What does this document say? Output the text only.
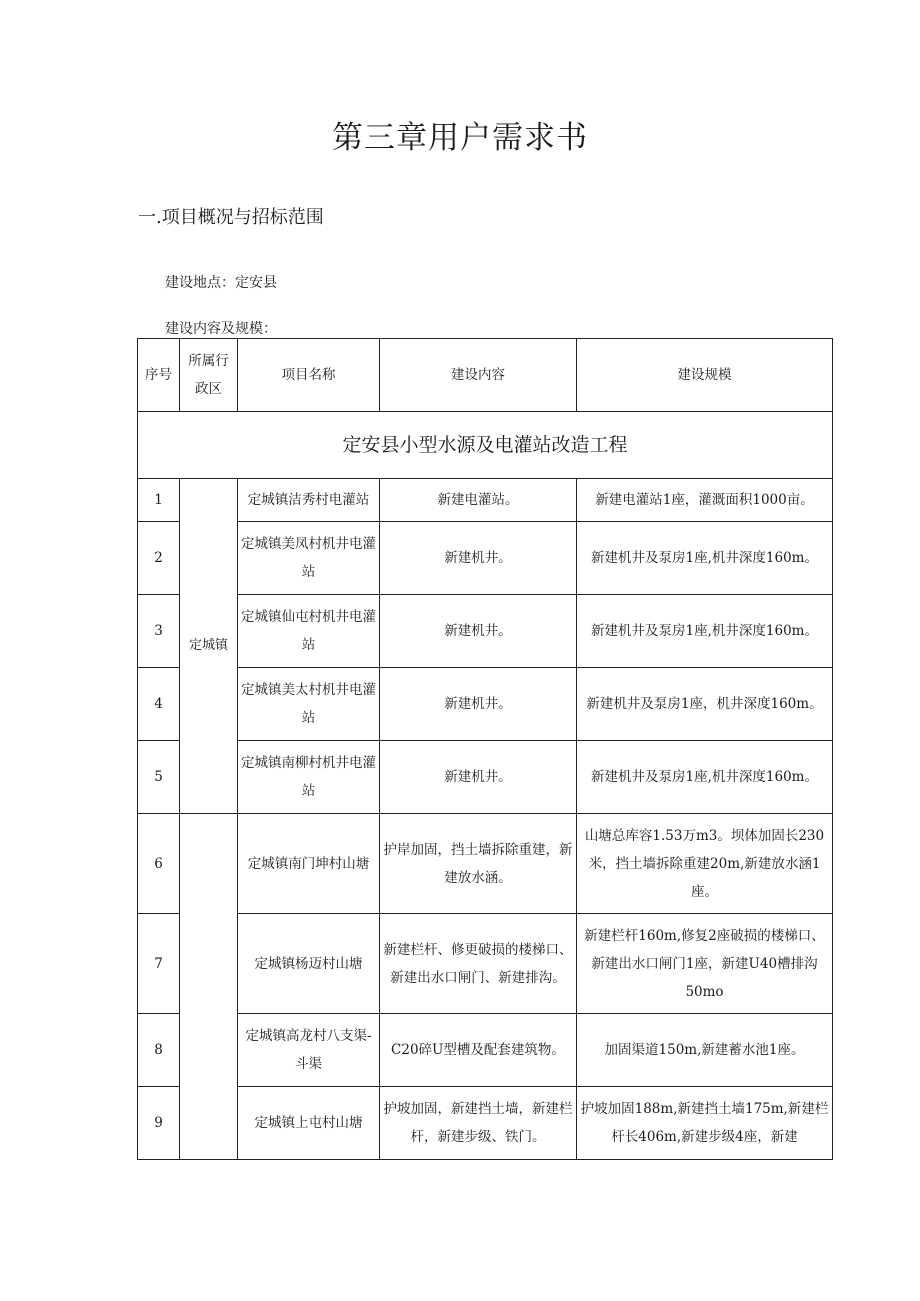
第三章用户需求书
一.项目概况与招标范围
建设地点：定安县
建设内容及规模：
序号	所属行政区	项目名称	建设内容	建设规模
定安县小型水源及电灌站改造工程				
1	定城镇	定城镇洁秀村电灌站	新建电灌站。	新建电灌站1座，灌溉面积1000亩。
2		定城镇美凤村机井电灌站	新建机井。	新建机井及泵房1座,机井深度160m。
3		定城镇仙屯村机井电灌站	新建机井。	新建机井及泵房1座,机井深度160m。
4		定城镇美太村机井电灌站	新建机井。	新建机井及泵房1座，机井深度160m。
5		定城镇南柳村机井电灌站	新建机井。	新建机井及泵房1座,机井深度160m。
6		定城镇南门坤村山塘	护岸加固，挡土墙拆除重建，新建放水涵。	山塘总库容1.53万m3。坝体加固长230米，挡土墙拆除重建20m,新建放水涵1座。
7		定城镇杨迈村山塘	新建栏杆、修更破损的楼梯口、新建出水口闸门、新建排沟。	新建栏杆160m,修复2座破损的楼梯口、新建出水口闸门1座，新建U40槽排沟50mo
8		定城镇高龙村八支渠-斗渠	C20碎U型槽及配套建筑物。	加固渠道150m,新建蓄水池1座。
9		定城镇上屯村山塘	护坡加固，新建挡土墙，新建栏杆，新建步级、铁门。	护坡加固188m,新建挡土墙175m,新建栏杆长406m,新建步级4座，新建
